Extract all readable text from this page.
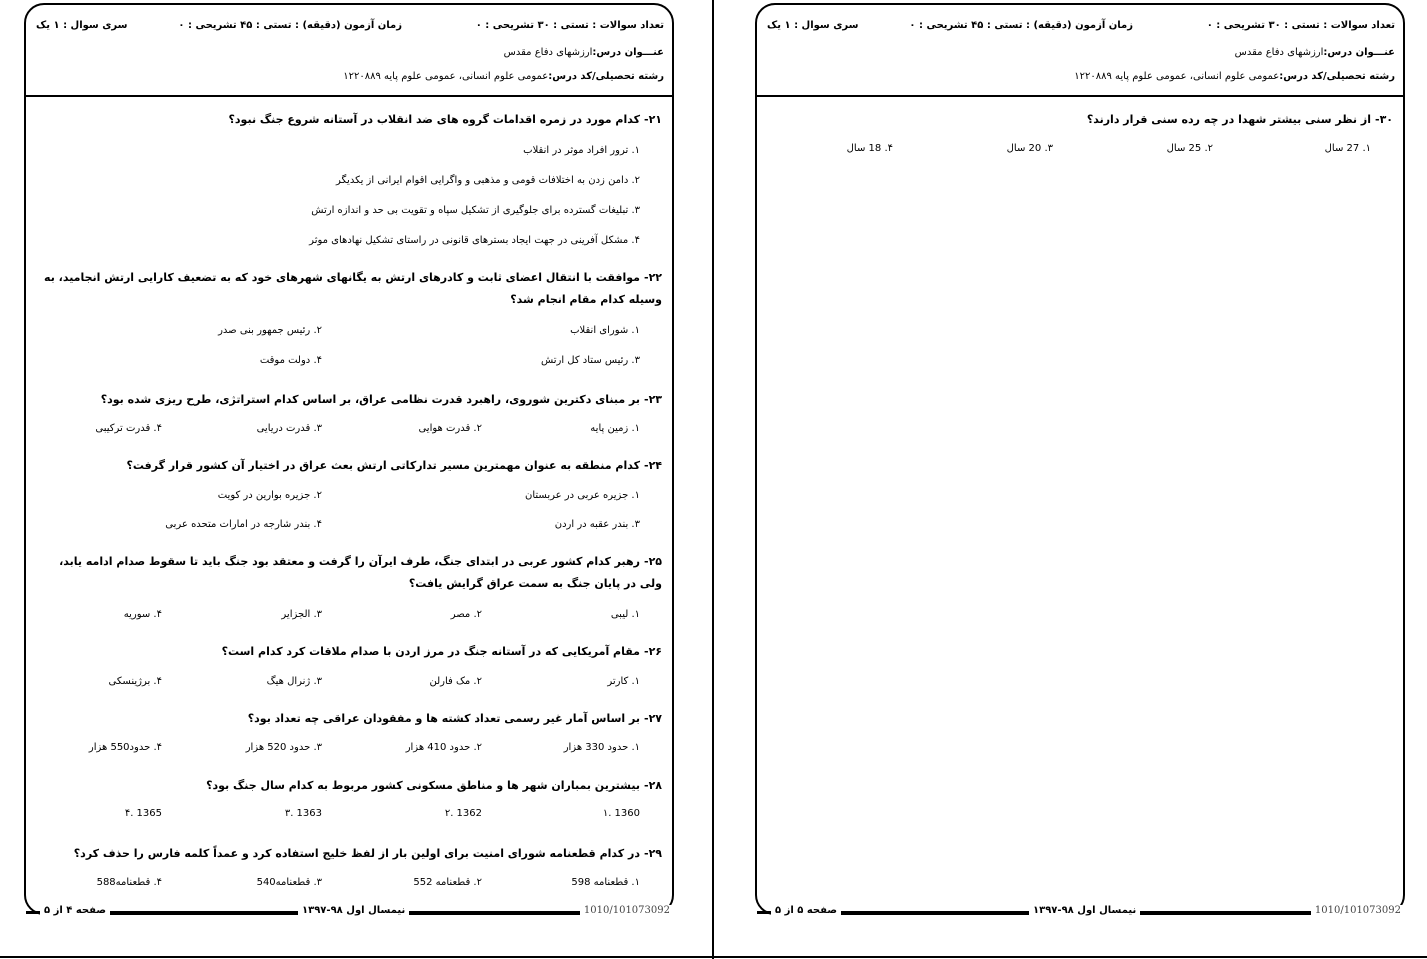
تعداد سوالات : تستی : ۳۰ تشریحی : ۰
زمان آزمون (دقیقه) : تستی : ۴۵ تشریحی : ۰
سری سوال : ۱ یک
عنـــوان درس:ارزشهای دفاع مقدس
رشته تحصیلی/کد درس:عمومی علوم انسانی، عمومی علوم پایه ۱۲۲۰۸۸۹
۲۱-کدام مورد در زمره اقدامات گروه های ضد انقلاب در آستانه شروع جنگ نبود؟
۱. ترور افراد موثر در انقلاب
۲. دامن زدن به اختلافات قومی و مذهبی و واگرایی اقوام ایرانی از یکدیگر
۳. تبلیغات گسترده برای جلوگیری از تشکیل سپاه و تقویت بی حد و اندازه ارتش
۴. مشکل آفرینی در جهت ایجاد بسترهای قانونی در راستای تشکیل نهادهای موثر
۲۲-موافقت با انتقال اعضای ثابت و کادرهای ارتش به یگانهای شهرهای خود که به تضعیف کارایی ارتش انجامید، به وسیله کدام مقام انجام شد؟
۱. شورای انقلاب
۲. رئیس جمهور بنی صدر
۳. رئیس ستاد کل ارتش
۴. دولت موقت
۲۳-بر مبنای دکترین شوروی، راهبرد قدرت نظامی عراق، بر اساس کدام استراتژی، طرح ریزی شده بود؟
۱. زمین پایه
۲. قدرت هوایی
۳. قدرت دریایی
۴. قدرت ترکیبی
۲۴-کدام منطقه به عنوان مهمترین مسیر تدارکاتی ارتش بعث عراق در اختیار آن کشور قرار گرفت؟
۱. جزیره عربی در عربستان
۲. جزیره بوارین در کویت
۳. بندر عقبه در اردن
۴. بندر شارجه در امارات متحده عربی
۲۵-رهبر کدام کشور عربی در ابتدای جنگ، طرف ایرآن را گرفت و معتقد بود جنگ باید تا سقوط صدام ادامه یابد، ولی در پایان جنگ به سمت عراق گرایش یافت؟
۱. لیبی
۲. مصر
۳. الجزایر
۴. سوریه
۲۶-مقام آمریکایی که در آستانه جنگ در مرز اردن با صدام ملاقات کرد کدام است؟
۱. کارتر
۲. مک فارلن
۳. ژنرال هیگ
۴. برژینسکی
۲۷-بر اساس آمار غیر رسمی تعداد کشته ها و مفقودان عراقی چه تعداد بود؟
۱. حدود 330 هزار
۲. حدود 410 هزار
۳. حدود 520 هزار
۴. حدود550 هزار
۲۸-بیشترین بمباران شهر ها و مناطق مسکونی کشور مربوط به کدام سال جنگ بود؟
1360 .۱
1362 .۲
1363 .۳
1365 .۴
۲۹-در کدام قطعنامه شورای امنیت برای اولین بار از لفظ خلیج استفاده کرد و عمداً کلمه فارس را حذف کرد؟
۱. قطعنامه 598
۲. قطعنامه 552
۳. قطعنامه540
۴. قطعنامه588
1010/101073092
نیمسال اول ۹۸-۱۳۹۷
صفحه ۴ از ۵
تعداد سوالات : تستی : ۳۰ تشریحی : ۰
زمان آزمون (دقیقه) : تستی : ۴۵ تشریحی : ۰
سری سوال : ۱ یک
عنـــوان درس:ارزشهای دفاع مقدس
رشته تحصیلی/کد درس:عمومی علوم انسانی، عمومی علوم پایه ۱۲۲۰۸۸۹
۳۰-از نظر سنی بیشتر شهدا در چه رده سنی قرار دارند؟
۱. 27 سال
۲. 25 سال
۳. 20 سال
۴. 18 سال
1010/101073092
نیمسال اول ۹۸-۱۳۹۷
صفحه ۵ از ۵
